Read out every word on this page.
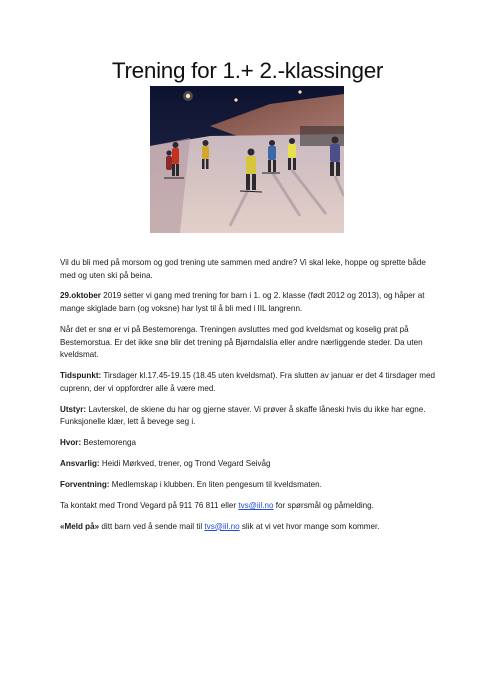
Trening for 1.+ 2.-klassinger

Vil du bli med på morsom og god trening ute sammen med andre? Vi skal leke, hoppe og sprette både med og uten ski på beina.

29.oktober 2019 setter vi gang med trening for barn i 1. og 2. klasse (født 2012 og 2013), og håper at mange skiglade barn (og voksne) har lyst til å bli med i IIL langrenn.

Når det er snø er vi på Bestemorenga. Treningen avsluttes med god kveldsmat og koselig prat på Bestemorstua. Er det ikke snø blir det trening på Bjørndalslia eller andre nærliggende steder. Da uten kveldsmat.

Tidspunkt: Tirsdager kl.17.45-19.15 (18.45 uten kveldsmat). Fra slutten av januar er det 4 tirsdager med cuprenn, der vi oppfordrer alle å være med.

Utstyr: Lavterskel, de skiene du har og gjerne staver. Vi prøver å skaffe låneski hvis du ikke har egne. Funksjonelle klær, lett å bevege seg i.

Hvor: Bestemorenga

Ansvarlig: Heidi Mørkved, trener, og Trond Vegard Seivåg

Forventning: Medlemskap i klubben. En liten pengesum til kveldsmaten.

Ta kontakt med Trond Vegard på 911 76 811 eller tvs@iil.no for spørsmål og påmelding.

«Meld på» ditt barn ved å sende mail til tvs@iil.no slik at vi vet hvor mange som kommer.
